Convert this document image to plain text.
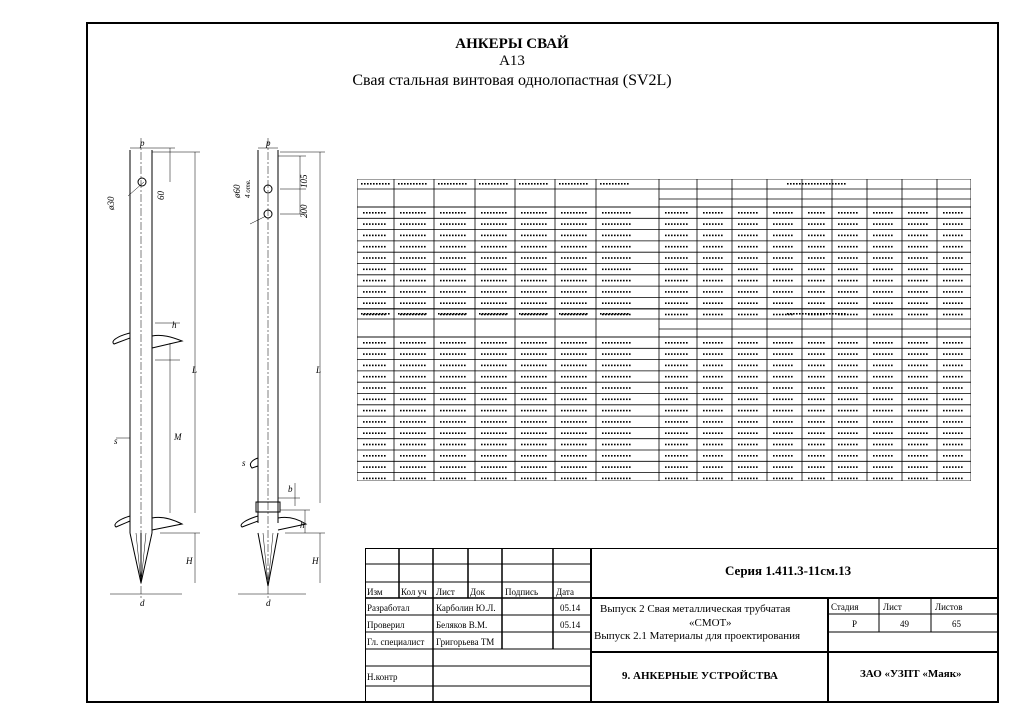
АНКЕРЫ СВАЙ
А13
Свая стальная винтовая однолопастная (SV2L)
p
ø30
60
h
L
M
s
H
d
p
ø60 4 отв.	105
200
L
s
b
h
H
d
Серия 1.411.3-11см.13
Изм Кол уч Лист Док Подпись Дата
Разработал	Карболин Ю.Л.	05.14
Проверил	Беляков В.М.	05.14
Гл. специалист Григорьева ТМ
Н.контр
Выпуск 2 Свая металлическая трубчатая
«СМОТ»
Выпуск 2.1 Материалы для проектирования
Стадия	Лист	Листов
Р	49	65
9. АНКЕРНЫЕ УСТРОЙСТВА	ЗАО «УЗПТ «Маяк»
